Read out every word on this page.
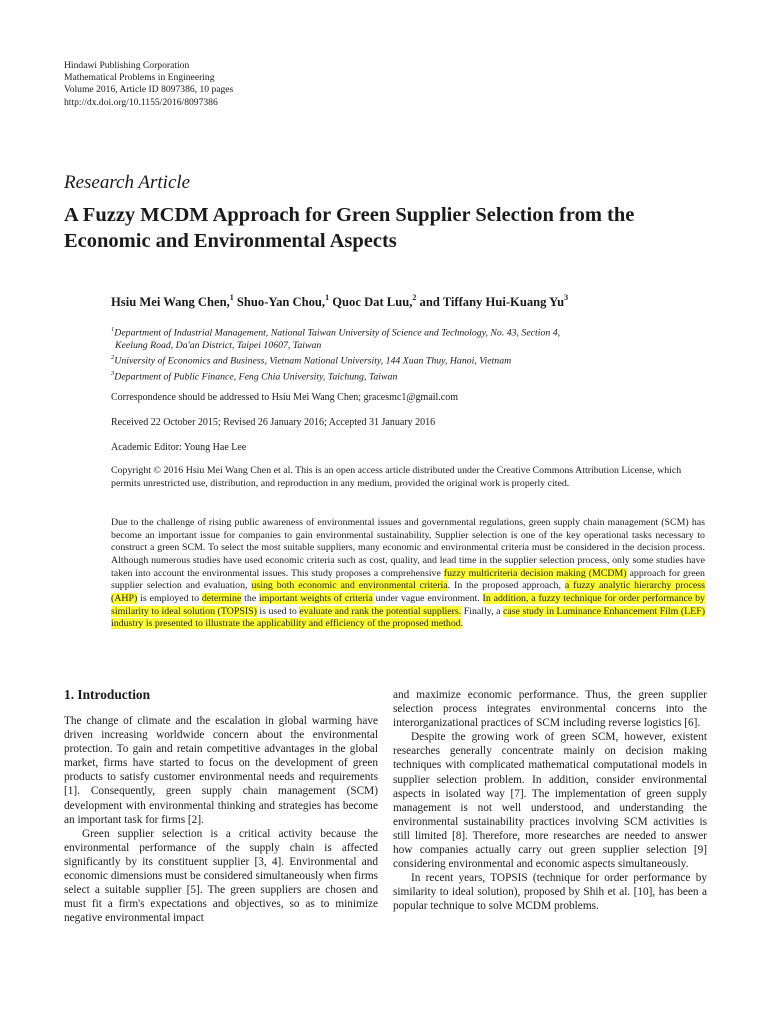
Hindawi Publishing Corporation
Mathematical Problems in Engineering
Volume 2016, Article ID 8097386, 10 pages
http://dx.doi.org/10.1155/2016/8097386
Research Article
A Fuzzy MCDM Approach for Green Supplier Selection from the Economic and Environmental Aspects
Hsiu Mei Wang Chen,$^1$ Shuo-Yan Chou,$^1$ Quoc Dat Luu,$^2$ and Tiffany Hui-Kuang Yu$^3$

$^1$Department of Industrial Management, National Taiwan University of Science and Technology, No. 43, Section 4,

Keelung Road, Da'an District, Taipei 10607, Taiwan

$^2$University of Economics and Business, Vietnam National University, 144 Xuan Thuy, Hanoi, Vietnam

$^3$Department of Public Finance, Feng Chia University, Taichung, Taiwan

Correspondence should be addressed to Hsiu Mei Wang Chen; gracesmc1@gmail.com
Received 22 October 2015; Revised 26 January 2016; Accepted 31 January 2016
Academic Editor: Young Hae Lee
Copyright © 2016 Hsiu Mei Wang Chen et al. This is an open access article distributed under the Creative Commons Attribution License, which permits unrestricted use, distribution, and reproduction in any medium, provided the original work is properly cited.
Due to the challenge of rising public awareness of environmental issues and governmental regulations, green supply chain management (SCM) has become an important issue for companies to gain environmental sustainability. Supplier selection is one of the key operational tasks necessary to construct a green SCM. To select the most suitable suppliers, many economic and environmental criteria must be considered in the decision process. Although numerous studies have used economic criteria such as cost, quality, and lead time in the supplier selection process, only some studies have taken into account the environmental issues. This study proposes a comprehensive fuzzy multicriteria decision making (MCDM) approach for green supplier selection and evaluation, using both economic and environmental criteria. In the proposed approach, a fuzzy analytic hierarchy process (AHP) is employed to determine the important weights of criteria under vague environment. In addition, a fuzzy technique for order performance by similarity to ideal solution (TOPSIS) is used to evaluate and rank the potential suppliers. Finally, a case study in Luminance Enhancement Film (LEF) industry is presented to illustrate the applicability and efficiency of the proposed method.
1. Introduction

The change of climate and the escalation in global warming have driven increasing worldwide concern about the environmental protection. To gain and retain competitive advantages in the global market, firms have started to focus on the development of green products to satisfy customer environmental needs and requirements [1]. Consequently, green supply chain management (SCM) development with environmental thinking and strategies has become an important task for firms [2].

Green supplier selection is a critical activity because the environmental performance of the supply chain is affected significantly by its constituent supplier [3, 4]. Environmental and economic dimensions must be considered simultaneously when firms select a suitable supplier [5]. The green suppliers are chosen and must fit a firm's expectations and objectives, so as to minimize negative environmental impact

and maximize economic performance. Thus, the green supplier selection process integrates environmental concerns into the interorganizational practices of SCM including reverse logistics [6].

Despite the growing work of green SCM, however, existent researches generally concentrate mainly on decision making techniques with complicated mathematical computational models in supplier selection problem. In addition, consider environmental aspects in isolated way [7]. The implementation of green supply management is not well understood, and understanding the environmental sustainability practices involving SCM activities is still limited [8]. Therefore, more researches are needed to answer how companies actually carry out green supplier selection [9] considering environmental and economic aspects simultaneously.

In recent years, TOPSIS (technique for order performance by similarity to ideal solution), proposed by Shih et al. [10], has been a popular technique to solve MCDM problems.
